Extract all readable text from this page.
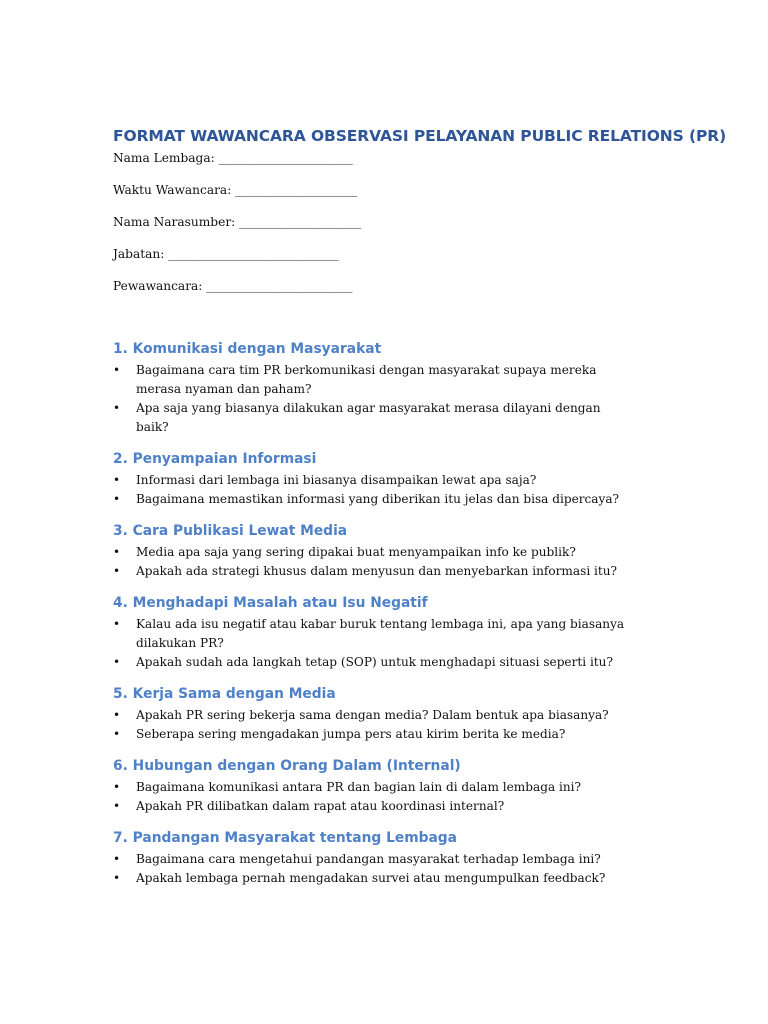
FORMAT WAWANCARA OBSERVASI PELAYANAN PUBLIC RELATIONS (PR)

Nama Lembaga: ______________________

Waktu Wawancara: ____________________

Nama Narasumber: ____________________

Jabatan: ____________________________

Pewawancara: ________________________

1. Komunikasi dengan Masyarakat
• Bagaimana cara tim PR berkomunikasi dengan masyarakat supaya mereka merasa nyaman dan paham?
• Apa saja yang biasanya dilakukan agar masyarakat merasa dilayani dengan baik?
2. Penyampaian Informasi
• Informasi dari lembaga ini biasanya disampaikan lewat apa saja?
• Bagaimana memastikan informasi yang diberikan itu jelas dan bisa dipercaya?
3. Cara Publikasi Lewat Media
• Media apa saja yang sering dipakai buat menyampaikan info ke publik?
• Apakah ada strategi khusus dalam menyusun dan menyebarkan informasi itu?
4. Menghadapi Masalah atau Isu Negatif
• Kalau ada isu negatif atau kabar buruk tentang lembaga ini, apa yang biasanya dilakukan PR?
• Apakah sudah ada langkah tetap (SOP) untuk menghadapi situasi seperti itu?
5. Kerja Sama dengan Media
• Apakah PR sering bekerja sama dengan media? Dalam bentuk apa biasanya?
• Seberapa sering mengadakan jumpa pers atau kirim berita ke media?
6. Hubungan dengan Orang Dalam (Internal)
• Bagaimana komunikasi antara PR dan bagian lain di dalam lembaga ini?
• Apakah PR dilibatkan dalam rapat atau koordinasi internal?
7. Pandangan Masyarakat tentang Lembaga
• Bagaimana cara mengetahui pandangan masyarakat terhadap lembaga ini?
• Apakah lembaga pernah mengadakan survei atau mengumpulkan feedback?
